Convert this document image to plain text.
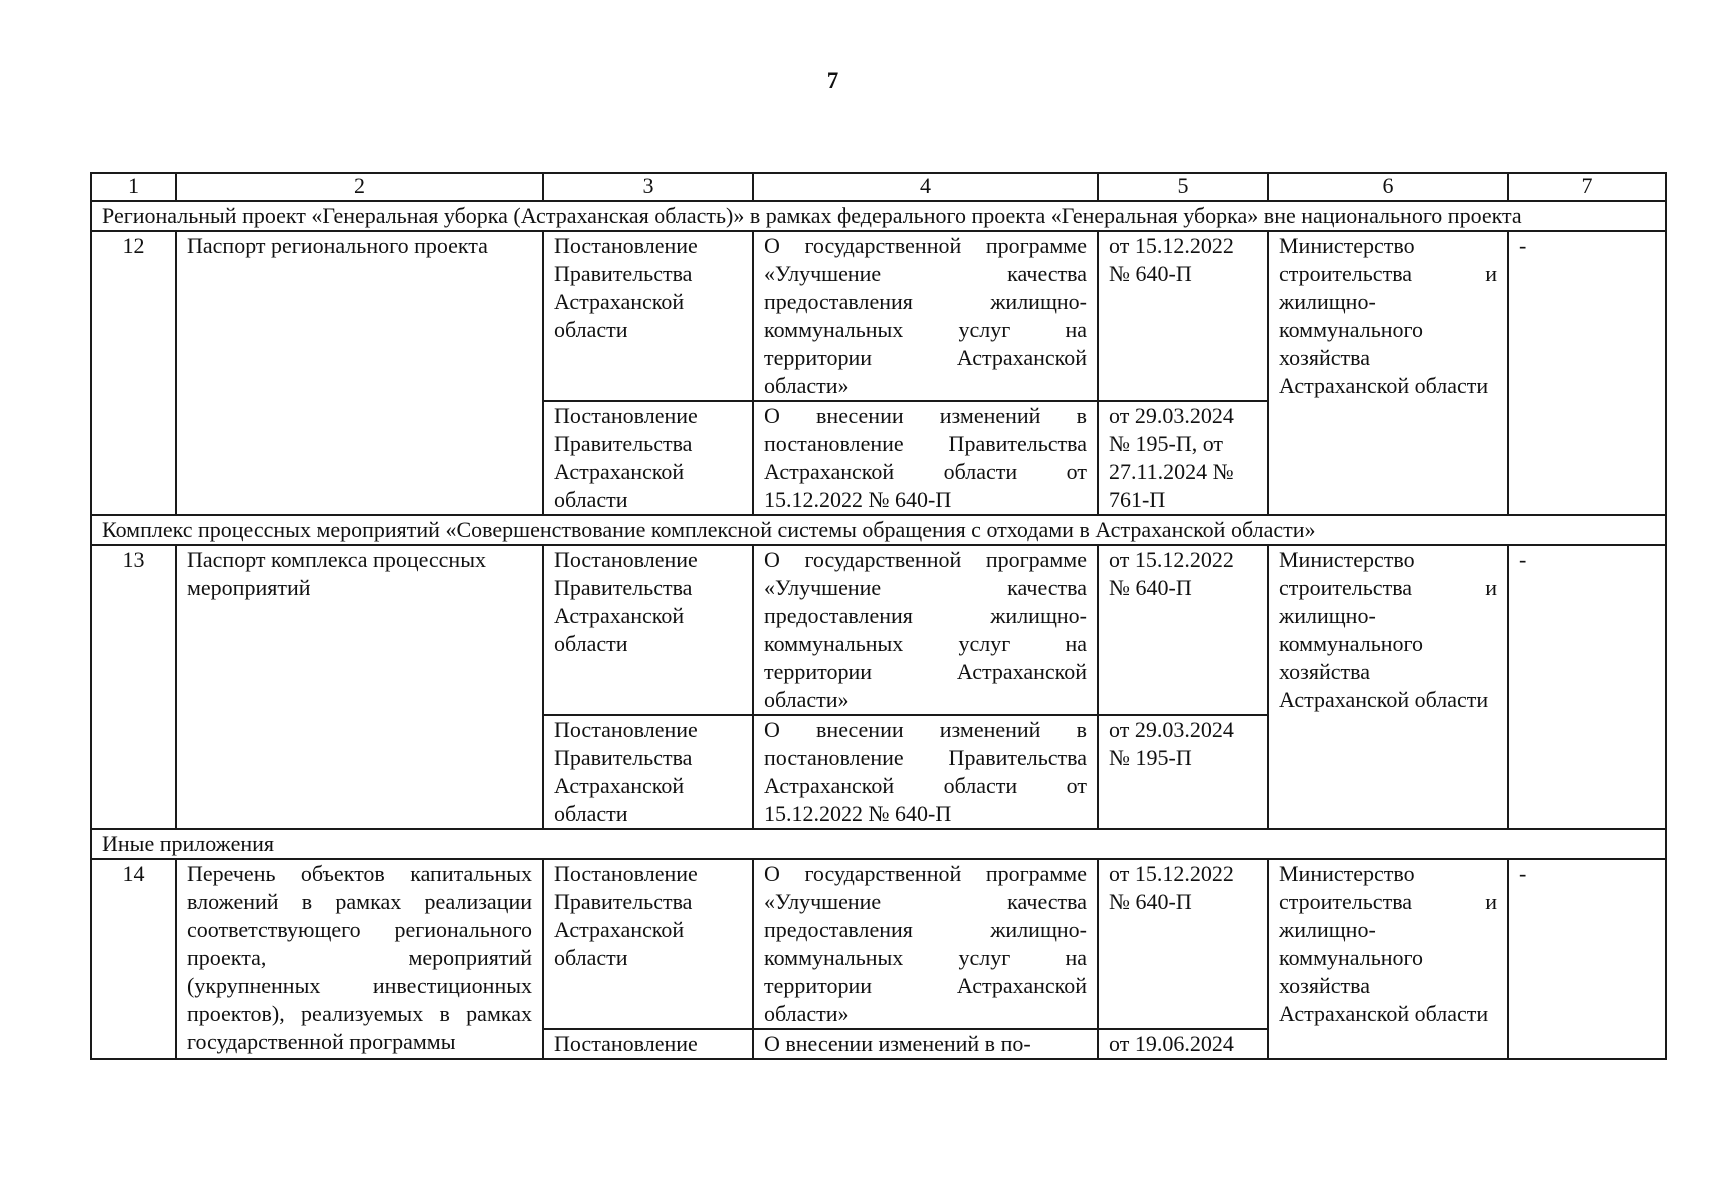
7
1	2	3	4	5	6	7
Региональный проект «Генеральная уборка (Астраханская область)» в рамках федерального проекта «Генеральная уборка» вне национального проекта						
12	Паспорт регионального проекта	Постановление Правительства Астраханской области	О государственной программе «Улучшение качества предоставления жилищно-коммунальных услуг на территории Астраханской области»	от 15.12.2022 № 640-П	Министерство строительства и жилищно-коммунального хозяйства Астраханской области	-
		Постановление Правительства Астраханской области	О внесении изменений в постановление Правительства Астраханской области от 15.12.2022 № 640-П	от 29.03.2024 № 195-П, от 27.11.2024 № 761-П		
Комплекс процессных мероприятий «Совершенствование комплексной системы обращения с отходами в Астраханской области»						
13	Паспорт комплекса процессных мероприятий	Постановление Правительства Астраханской области	О государственной программе «Улучшение качества предоставления жилищно-коммунальных услуг на территории Астраханской области»	от 15.12.2022 № 640-П	Министерство строительства и жилищно-коммунального хозяйства Астраханской области	-
		Постановление Правительства Астраханской области	О внесении изменений в постановление Правительства Астраханской области от 15.12.2022 № 640-П	от 29.03.2024 № 195-П		
Иные приложения						
14	Перечень объектов капитальных вложений в рамках реализации соответствующего регионального проекта, мероприятий (укрупненных инвестиционных проектов), реализуемых в рамках государственной программы	Постановление Правительства Астраханской области	О государственной программе «Улучшение качества предоставления жилищно-коммунальных услуг на территории Астраханской области»	от 15.12.2022 № 640-П	Министерство строительства и жилищно-коммунального хозяйства Астраханской области	-

		Постановление	О внесении изменений в по-	от 19.06.2024		
